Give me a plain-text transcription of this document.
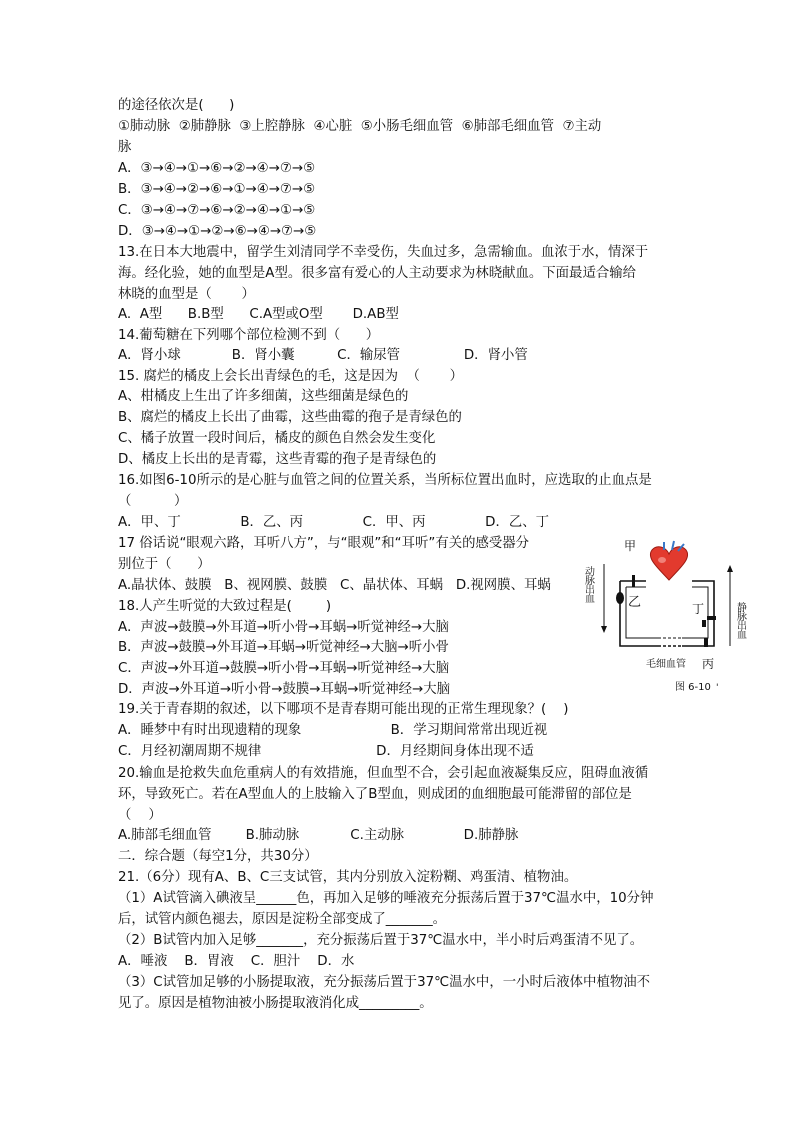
的途径依次是(      )
①肺动脉  ②肺静脉  ③上腔静脉  ④心脏  ⑤小肠毛细血管  ⑥肺部毛细血管  ⑦主动
脉
A．③→④→①→⑥→②→④→⑦→⑤
B．③→④→②→⑥→①→④→⑦→⑤
C．③→④→⑦→⑥→②→④→①→⑤
D．③→④→①→②→⑥→④→⑦→⑤
13.在日本大地震中，留学生刘清同学不幸受伤，失血过多，急需输血。血浓于水，情深于
海。经化验，她的血型是A型。很多富有爱心的人主动要求为林晓献血。下面最适合输给
林晓的血型是（       ）
A.  A型      B.B型      C.A型或O型       D.AB型
14.葡萄糖在下列哪个部位检测不到（      ）
A．肾小球            B．肾小囊          C．输尿管               D．肾小管
15. 腐烂的橘皮上会长出青绿色的毛，这是因为  （       ）
A、柑橘皮上生出了许多细菌，这些细菌是绿色的
B、腐烂的橘皮上长出了曲霉，这些曲霉的孢子是青绿色的
C、橘子放置一段时间后，橘皮的颜色自然会发生变化
D、橘皮上长出的是青霉，这些青霉的孢子是青绿色的
16.如图6-10所示的是心脏与血管之间的位置关系，当所标位置出血时，应选取的止血点是
（          ）
A．甲、丁              B．乙、丙              C．甲、丙              D．乙、丁
17 俗话说“眼观六路，耳听八方”，与“眼观”和“耳听”有关的感受器分
别位于（      ）
A.晶状体、鼓膜   B、视网膜、鼓膜   C、晶状体、耳蜗   D.视网膜、耳蜗
18.人产生听觉的大致过程是(        )
A．声波→鼓膜→外耳道→听小骨→耳蜗→听觉神经→大脑
B．声波→鼓膜→外耳道→耳蜗→听觉神经→大脑→听小骨
C．声波→外耳道→鼓膜→听小骨→耳蜗→听觉神经→大脑
D．声波→外耳道→听小骨→鼓膜→耳蜗→听觉神经→大脑
19.关于青春期的叙述，以下哪项不是青春期可能出现的正常生理现象？(    )
A．睡梦中有时出现遗精的现象                     B．学习期间常常出现近视
C．月经初潮周期不规律                           D．月经期间身体出现不适
20.输血是抢救失血危重病人的有效措施，但血型不合，会引起血液凝集反应，阻碍血液循
环，导致死亡。若在A型血人的上肢输入了B型血，则成团的血细胞最可能滞留的部位是
（    ）
A.肺部毛细血管        B.肺动脉            C.主动脉              D.肺静脉
二．综合题（每空1分，共30分）
21.（6分）现有A、B、C三支试管，其内分别放入淀粉糊、鸡蛋清、植物油。
（1）A试管滴入碘液呈______色，再加入足够的唾液充分振荡后置于37℃温水中，10分钟
后，试管内颜色褪去，原因是淀粉全部变成了_______。
（2）B试管内加入足够_______，充分振荡后置于37℃温水中，半小时后鸡蛋清不见了。
A．唾液    B．胃液    C．胆汁    D．水
（3）C试管加足够的小肠提取液，充分振荡后置于37℃温水中，一小时后液体中植物油不
见了。原因是植物油被小肠提取液消化成_________。
甲
乙	丁
丙
毛细血管
图 6-10 '
动脉出血
静脉出血
